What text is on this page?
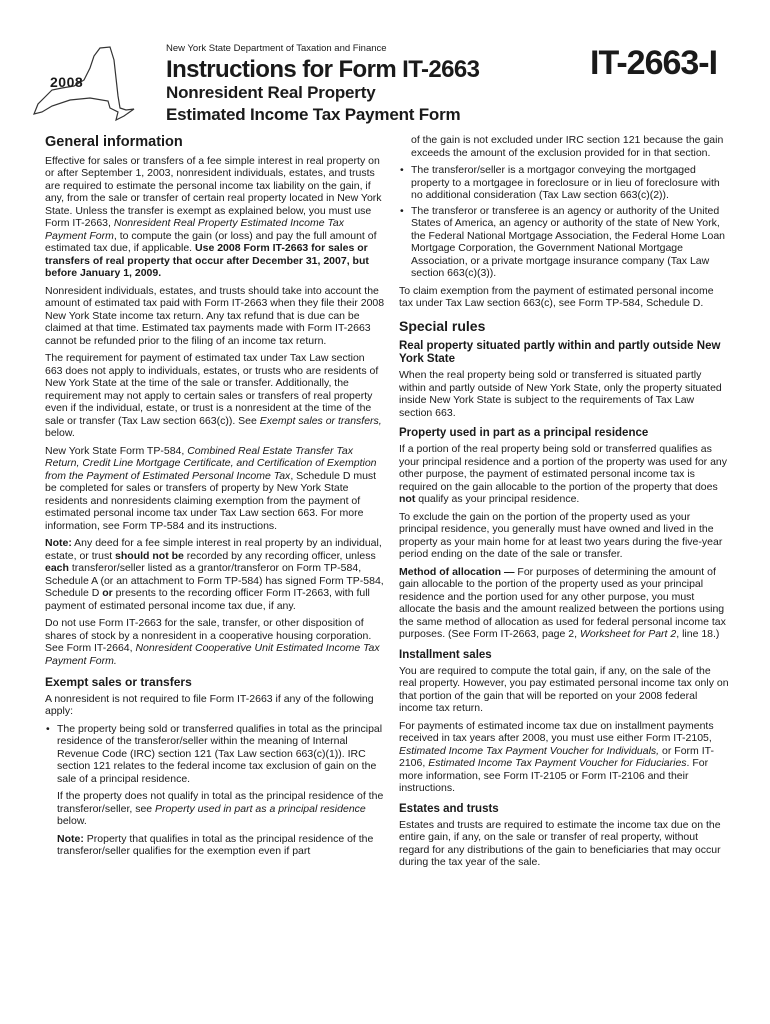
2008
New York State Department of Taxation and Finance
Instructions for Form IT-2663
Nonresident Real Property
Estimated Income Tax Payment Form
IT-2663-I
General information

Effective for sales or transfers of a fee simple interest in real property on or after September 1, 2003, nonresident individuals, estates, and trusts are required to estimate the personal income tax liability on the gain, if any, from the sale or transfer of certain real property located in New York State. Unless the transfer is exempt as explained below, you must use Form IT-2663, Nonresident Real Property Estimated Income Tax Payment Form, to compute the gain (or loss) and pay the full amount of estimated tax due, if applicable. Use 2008 Form IT-2663 for sales or transfers of real property that occur after December 31, 2007, but before January 1, 2009.

Nonresident individuals, estates, and trusts should take into account the amount of estimated tax paid with Form IT-2663 when they file their 2008 New York State income tax return. Any tax refund that is due can be claimed at that time. Estimated tax payments made with Form IT-2663 cannot be refunded prior to the filing of an income tax return.

The requirement for payment of estimated tax under Tax Law section 663 does not apply to individuals, estates, or trusts who are residents of New York State at the time of the sale or transfer. Additionally, the requirement may not apply to certain sales or transfers of real property even if the individual, estate, or trust is a nonresident at the time of the sale or transfer (Tax Law section 663(c)). See Exempt sales or transfers, below.

New York State Form TP-584, Combined Real Estate Transfer Tax Return, Credit Line Mortgage Certificate, and Certification of Exemption from the Payment of Estimated Personal Income Tax, Schedule D must be completed for sales or transfers of property by New York State residents and nonresidents claiming exemption from the payment of estimated personal income tax under Tax Law section 663. For more information, see Form TP-584 and its instructions.

Note: Any deed for a fee simple interest in real property by an individual, estate, or trust should not be recorded by any recording officer, unless each transferor/seller listed as a grantor/transferor on Form TP-584, Schedule A (or an attachment to Form TP-584) has signed Form TP-584, Schedule D or presents to the recording officer Form IT-2663, with full payment of estimated personal income tax due, if any.

Do not use Form IT-2663 for the sale, transfer, or other disposition of shares of stock by a nonresident in a cooperative housing corporation. See Form IT-2664, Nonresident Cooperative Unit Estimated Income Tax Payment Form.

Exempt sales or transfers

A nonresident is not required to file Form IT-2663 if any of the following apply:

• The property being sold or transferred qualifies in total as the principal residence of the transferor/seller within the meaning of Internal Revenue Code (IRC) section 121 (Tax Law section 663(c)(1)). IRC section 121 relates to the federal income tax exclusion of gain on the sale of a principal residence.

If the property does not qualify in total as the principal residence of the transferor/seller, see Property used in part as a principal residence below.

Note: Property that qualifies in total as the principal residence of the transferor/seller qualifies for the exemption even if part

of the gain is not excluded under IRC section 121 because the gain exceeds the amount of the exclusion provided for in that section.

• The transferor/seller is a mortgagor conveying the mortgaged property to a mortgagee in foreclosure or in lieu of foreclosure with no additional consideration (Tax Law section 663(c)(2)).
• The transferor or transferee is an agency or authority of the United States of America, an agency or authority of the state of New York, the Federal National Mortgage Association, the Federal Home Loan Mortgage Corporation, the Government National Mortgage Association, or a private mortgage insurance company (Tax Law section 663(c)(3)).

To claim exemption from the payment of estimated personal income tax under Tax Law section 663(c), see Form TP-584, Schedule D.

Special rules
Real property situated partly within and partly outside New York State

When the real property being sold or transferred is situated partly within and partly outside of New York State, only the property situated inside New York State is subject to the requirements of Tax Law section 663.

Property used in part as a principal residence

If a portion of the real property being sold or transferred qualifies as your principal residence and a portion of the property was used for any other purpose, the payment of estimated personal income tax is required on the gain allocable to the portion of the property that does not qualify as your principal residence.

To exclude the gain on the portion of the property used as your principal residence, you generally must have owned and lived in the property as your main home for at least two years during the five-year period ending on the date of the sale or transfer.

Method of allocation — For purposes of determining the amount of gain allocable to the portion of the property used as your principal residence and the portion used for any other purpose, you must allocate the basis and the amount realized between the portions using the same method of allocation as used for federal personal income tax purposes. (See Form IT-2663, page 2, Worksheet for Part 2, line 18.)

Installment sales

You are required to compute the total gain, if any, on the sale of the real property. However, you pay estimated personal income tax only on that portion of the gain that will be reported on your 2008 federal income tax return.

For payments of estimated income tax due on installment payments received in tax years after 2008, you must use either Form IT-2105, Estimated Income Tax Payment Voucher for Individuals, or Form IT-2106, Estimated Income Tax Payment Voucher for Fiduciaries. For more information, see Form IT-2105 or Form IT-2106 and their instructions.

Estates and trusts

Estates and trusts are required to estimate the income tax due on the entire gain, if any, on the sale or transfer of real property, without regard for any distributions of the gain to beneficiaries that may occur during the tax year of the sale.
